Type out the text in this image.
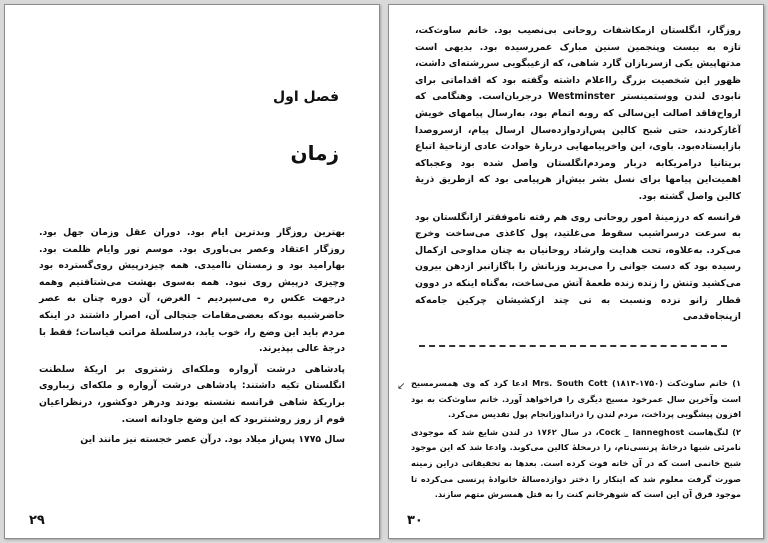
فصل اول
زمان

بهترین روزگار وبدترین ایام بود. دوران عقل وزمان جهل بود. روزگار اعتقاد وعصر بی‌باوری بود. موسم نور وایام ظلمت بود. بهارامید بود و زمستان ناامیدی. همه چیزدرپیش روی‌گسترده بود وچیزی درپیش روی نبود. همه به‌سوی بهشت می‌شتافتیم وهمه درجهت عکس ره می‌سپردیم - الغرض، آن دوره چنان به عصر حاضرشبیه بودکه بعضی‌مقامات جنجالی آن، اصرار داشتند در اینکه مردم باید این وضع را، خوب یابد، درسلسلهٔ مراتب قیاسات؛ فقط با درجهٔ عالی بپذیرند.

پادشاهی درشت آرواره وملکه‌ای زشتروی بر اریکهٔ سلطنت انگلستان تکیه داشتند: پادشاهی درشت آرواره و ملکه‌ای زیباروی براریکهٔ شاهی فرانسه نشسته بودند ودرهر دوکشور، درنظراعیان قوم از روز روشنتربود که این وضع جاودانه است.

سال ۱۷۷۵ پس‌از میلاد بود. درآن عصر خجسته نیز مانند این

۲۹

روزگار، انگلستان ازمکاشفات روحانی بی‌نصیب بود. خانم ساوث‌کت، تازه به بیست وپنجمین سنین مبارک عمررسیده بود. بدیهی است مدتهاپیش یکی ازسربازان گارد شاهی، که ازغیبگویی سررشته‌ای داشت، ظهور این شخصیت بزرگ رااعلام داشته وگفته بود که اقداماتی برای نابودی لندن ووستمینستر Westminster درجریان‌است. وهنگامی که ارواح‌فاقد اصالت این‌سالی که روبه اتمام بود، به‌ارسال پیامهای خویش آغازکردند، حتی شبح کالین پس‌ازدوازده‌سال ارسال پیام، ازسروصدا بازایستاده‌بود. باوی، این واخرپیامهایی دربارهٔ حوادث عادی ازناحیهٔ اتباع بریتانیا درامریکابه دربار ومردم‌انگلستان واصل شده بود وعجباکه اهمیت‌این پیامها برای نسل بشر بیش‌از هرپیامی بود که ازطریق ذریهٔ کالین واصل گشته بود.

فرانسه که درزمینهٔ امور روحانی روی هم رفته ناموفقتر ازانگلستان بود به سرعت درسراشیب سقوط می‌غلتید، پول کاغذی می‌ساخت وخرج می‌کرد. به‌علاوه، تحت هدایت وارشاد روحانیان به چنان مداوحی ازکمال رسیده بود که دست جوانی را می‌برید وزبانش را باگازانبر ازدهن بیرون می‌کشید وتنش را زنده زنده طعمهٔ آتش می‌ساخت، به‌گناه اینکه در دوون قطار زانو نزده ونسبت به تی چند ازکشیشان چرکین جامه‌که ازپنجاه‌قدمی

۱) خانم ساوث‌کت Mrs. South Cott (۱۸۱۴-۱۷۵۰) ادعا کرد که وی همسرمسیح است وآخرین سال عمرخود مسیح دیگری را فراخواهد آورد. خانم ساوث‌کت به بود افزون پیشگویی پرداخت، مردم لندن را درانداوزانجام پول تقدیس می‌کرد.

۲) لنگ‌هاست Cock _ lanneghost، در سال ۱۷۶۲ در لندن شایع شد که موجودی نامرئی شبها درخانهٔ پرنسی‌نام، را درمحلهٔ کالین می‌کوبد. وادعا شد که این موجود شبح خانمی است که در آن خانه فوت کرده است. بعدها به تحقیقاتی دراین زمینه صورت گرفت معلوم شد که اینکار را دختر دوازده‌سالهٔ خانوادهٔ پرنسی می‌کرده تا موجود فرق آن این است که شوهرخانم کنت را به قتل همسرش متهم سازند.

↙
۳۰
